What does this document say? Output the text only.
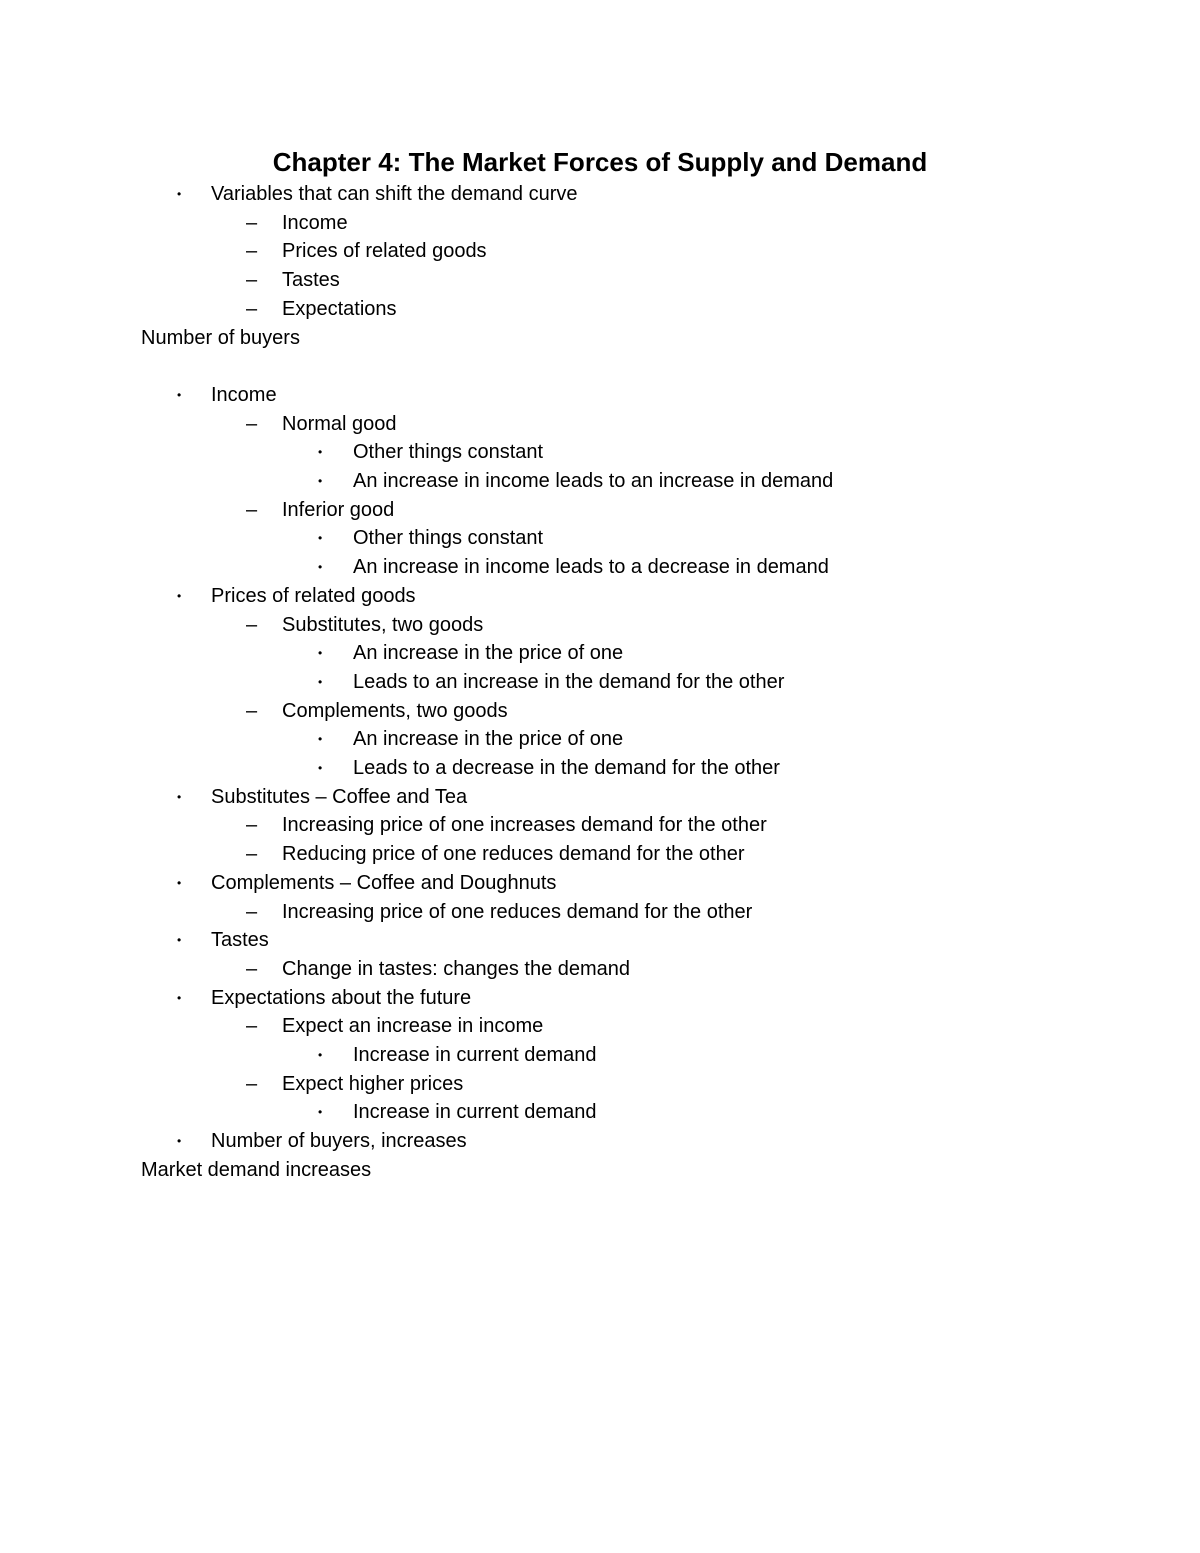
Chapter 4: The Market Forces of Supply and Demand
• Variables that can shift the demand curve
– Income
– Prices of related goods
– Tastes
– Expectations
Number of buyers
• Income
– Normal good
• Other things constant
• An increase in income leads to an increase in demand
– Inferior good
• Other things constant
• An increase in income leads to a decrease in demand
• Prices of related goods
– Substitutes, two goods
• An increase in the price of one
• Leads to an increase in the demand for the other
– Complements, two goods
• An increase in the price of one
• Leads to a decrease in the demand for the other
• Substitutes – Coffee and Tea
– Increasing price of one increases demand for the other
– Reducing price of one reduces demand for the other
• Complements – Coffee and Doughnuts
– Increasing price of one reduces demand for the other
• Tastes
– Change in tastes: changes the demand
• Expectations about the future
– Expect an increase in income
• Increase in current demand
– Expect higher prices
• Increase in current demand
• Number of buyers, increases
Market demand increases
